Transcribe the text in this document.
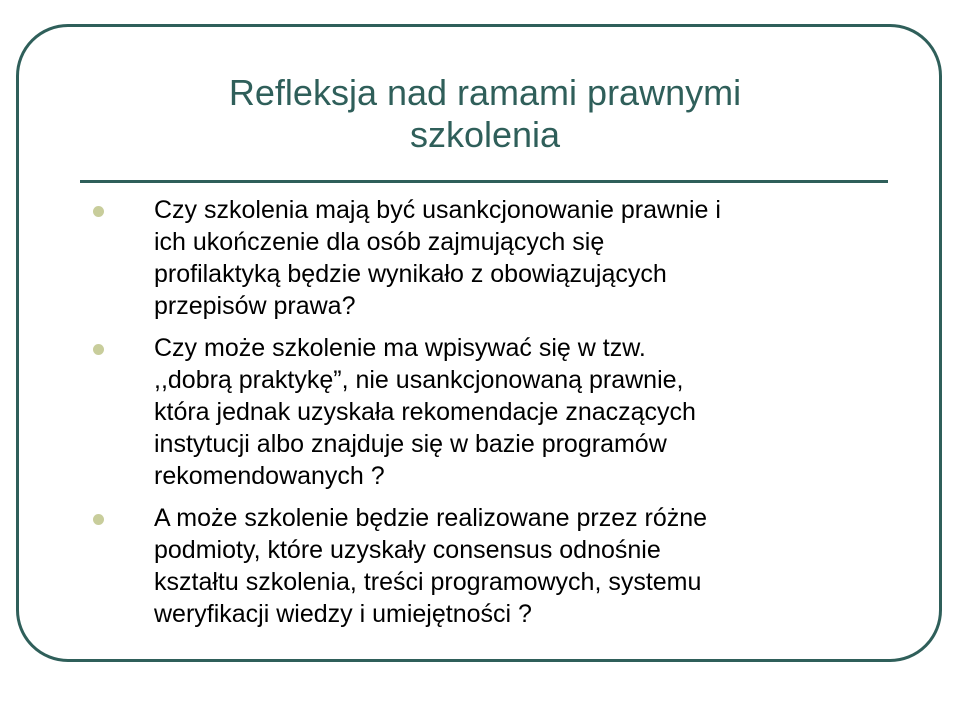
Refleksja nad ramami prawnymi
szkolenia
Czy szkolenia mają być usankcjonowanie prawnie i
ich ukończenie dla osób zajmujących się
profilaktyką będzie wynikało z obowiązujących
przepisów prawa?
Czy może szkolenie ma wpisywać się w tzw.
,,dobrą praktykę”, nie usankcjonowaną prawnie,
która jednak uzyskała rekomendacje znaczących
instytucji albo znajduje się w bazie programów
rekomendowanych ?
A może szkolenie będzie realizowane przez różne
podmioty, które uzyskały consensus odnośnie
kształtu szkolenia, treści programowych, systemu
weryfikacji wiedzy i umiejętności ?
